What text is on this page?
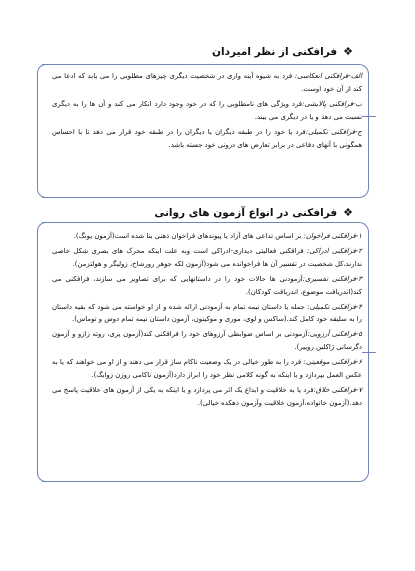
❖فرافکنی از نظر امیردان

الف-فرافکنی انعکاسی: فرد به شیوه آینه واری در شخصیت دیگری چیزهای مطلوبی را می یابد که ادعا می کند از آن خود اوست.

ب-فرافکنی پالایشی:فرد ویژگی های نامطلوبی را که در خود وجود دارد انکار می کند و آن ها را به دیگری نسبت می دهد و یا در دیگری می بیند.

ج-فرافکنی تکمیلی:فرد یا خود را در طبقه دیگران یا دیگران را در طبقه خود قرار می دهد تا با احساس همگونی با آنهای دفاعی در برابر تعارض های درونی خود جسته باشد.

❖فرافکنی در انواع آزمون های روانی

۱-فرافکنی فراخوان: بر اساس تداعی های آزاد یا پیوندهای فراخوان ذهنی بنا شده است(آزمون یونگ).

۲-فرافکنی ادراکی: فرافکنی فعالیتی دیداری-ادراکی است وبه علت اینکه محرک های بصری شکل خاصی ندارند،کل شخصیت در تفسیر آن ها فراخوانده می شود(آزمون لکه جوهر رورشاخ، زولیگر و هولتزمن).

۳-فرافکنی تفسیری:آزمودنی ها حالات خود را در داستانهایی که برای تصاویر می سازند، فرافکنی می کند(اندریافت موضوع، اندریافت کودکان).

۴-فرافکنی تکمیلی: جمله یا داستان نیمه تمام به آزمودنی ارائه شده و از او خواسته می شود که بقیه داستان را به سلیقه خود کامل کند.(ساکس و لوی، موری و موکینون، آزمون داستان نیمه تمام دوس و توماس).

۵-فرافکنی آرزویی:آزمودنی بر اساس ضوابطی آرزوهای خود را فرافکنی کند(آزمون پری، روته زازو و آزمون دگرسانی ژاکلین روییر).

۶-فرافکنی موقعیتی: فرد را به طور خیالی در یک وضعیت ناکام ساز قرار می دهند و از او می خواهند که یا به عکس العمل بپردازد و یا اینکه به گونه کلامی نظر خود را ابراز دارد(آزمون ناکامی روزن زوایگ).

۷-فرافکنی خلاق:فرد یا به خلاقیت و ابداع یک اثر می پردازد و یا اینکه به یکی از آزمون های خلاقیت پاسخ می دهد.(آزمون خانواده،آزمون خلاقیت وآزمون دهکده خیالی).
